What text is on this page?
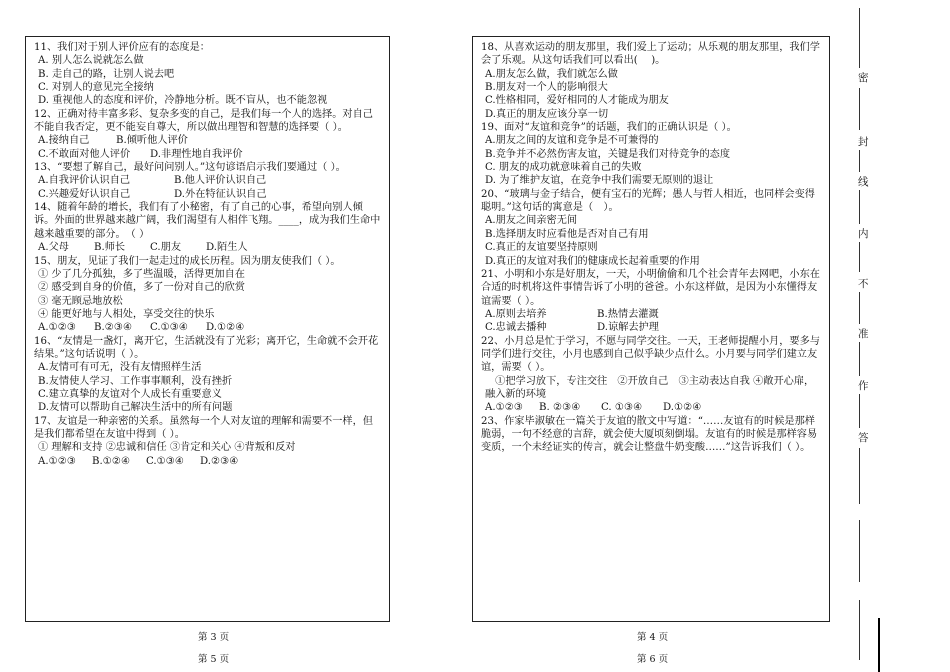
11、我们对于别人评价应有的态度是：
A. 别人怎么说就怎么做
B. 走自己的路，让别人说去吧
C. 对别人的意见完全接纳
D. 重视他人的态度和评价，冷静地分析。既不盲从，也不能忽视
12、正确对待丰富多彩、复杂多变的自己，是我们每一个人的选择。对自己不能自我否定，更不能妄自尊大，所以做出理智和智慧的选择要（ ）。
A.接纳自己	B.倾听他人评价
C.不敢面对他人评价 D.非理性地自我评价
13、“要想了解自己，最好问问别人。”这句谚语启示我们要通过（ ）。
A.自我评价认识自己	B.他人评价认识自己
C.兴趣爱好认识自己	D.外在特征认识自己
14、随着年龄的增长，我们有了小秘密，有了自己的心事，希望向别人倾诉。外面的世界越来越广阔，我们渴望有人相伴飞翔。____，成为我们生命中越来越重要的部分。　（ ）
A.父母 B.师长 C.朋友 D.陌生人
15、朋友，见证了我们一起走过的成长历程。因为朋友使我们（ ）。
① 少了几分孤独，多了些温暖，活得更加自在
② 感受到自身的价值，多了一份对自己的欣赏
③ 毫无顾忌地放松
④ 能更好地与人相处，享受交往的快乐
A.①②③ B.②③④ C.①③④ D.①②④
16、“友情是一盏灯，离开它，生活就没有了光彩；离开它，生命就不会开花结果。”这句话说明（ ）。
A.友情可有可无，没有友情照样生活
B.友情使人学习、工作事事顺利，没有挫折
C.建立真挚的友谊对个人成长有重要意义
D.友情可以帮助自己解决生活中的所有问题
17、友谊是一种亲密的关系。虽然每一个人对友谊的理解和需要不一样，但是我们都希望在友谊中得到（ ）。
① 理解和支持 ②忠诚和信任 ③肯定和关心 ④背叛和反对
A.①②③ B.①②④ C.①③④ D.②③④
18、从喜欢运动的朋友那里，我们爱上了运动；从乐观的朋友那里，我们学会了乐观。从这句话我们可以看出(　 )。
A.朋友怎么做，我们就怎么做
B.朋友对一个人的影响很大
C.性格相同，爱好相同的人才能成为朋友
D.真正的朋友应该分享一切
19、面对“友谊和竞争”的话题，我们的正确认识是（ ）。
A.朋友之间的友谊和竞争是不可兼得的
B.竞争并不必然伤害友谊，关键是我们对待竞争的态度
C. 朋友的成功就意味着自己的失败
D. 为了维护友谊，在竞争中我们需要无原则的退让
20、“玻璃与金子结合，便有宝石的光辉；愚人与哲人相近，也同样会变得聪明。”这句话的寓意是（　）。
A.朋友之间亲密无间
B.选择朋友时应看他是否对自己有用
C.真正的友谊要坚持原则
D.真正的友谊对我们的健康成长起着重要的作用
21、小明和小东是好朋友，一天，小明偷偷和几个社会青年去网吧，小东在合适的时机将这件事情告诉了小明的爸爸。小东这样做，是因为小东懂得友谊需要（ ）。
A.原则去培养	B.热情去灌溉
C.忠诚去播种	D.谅解去护理
22、小月总是忙于学习，不愿与同学交往。一天，王老师提醒小月，要多与同学们进行交往，小月也感到自己似乎缺少点什么。小月要与同学们建立友谊，需要（ ）。
　①把学习放下，专注交往　②开放自己　③主动表达自我 ④敞开心扉，融入新的环境
A.①②③ B. ②③④ C. ①③④ D.①②④
23、作家毕淑敏在一篇关于友谊的散文中写道：“……友谊有的时候是那样脆弱，一句不经意的言辞，就会使大厦顷刻倒塌。友谊有的时候是那样容易变质，一个未经证实的传言，就会让整盘牛奶变酸……”这告诉我们（ ）。
第 3 页
第 5 页
第 4 页
第 6 页
密
封
线
内
不
准
作
答
